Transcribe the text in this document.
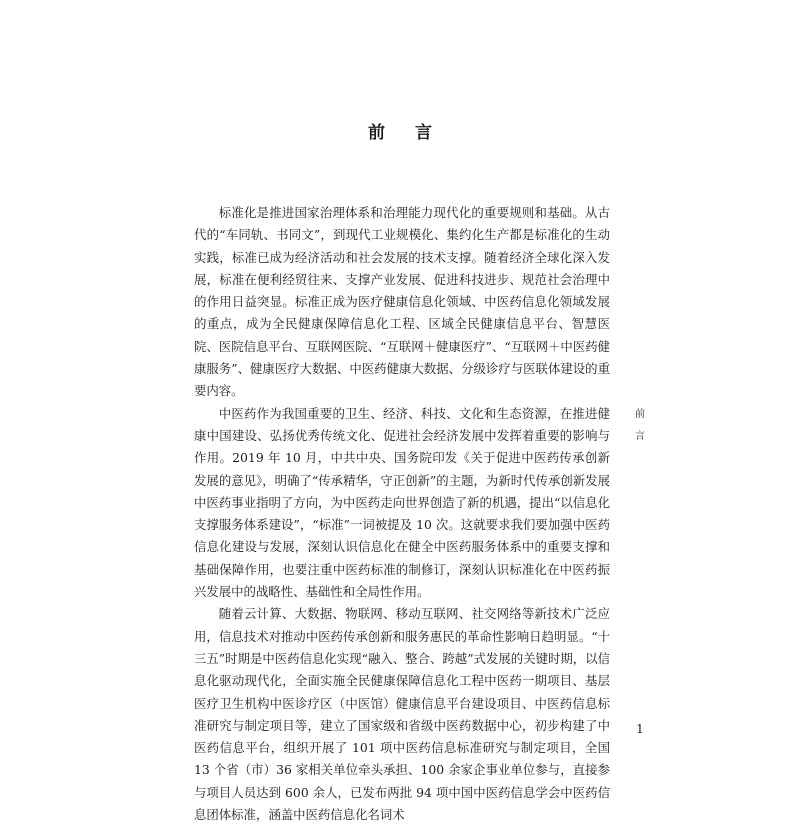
前 言

标准化是推进国家治理体系和治理能力现代化的重要规则和基础。从古代的“车同轨、书同文”，到现代工业规模化、集约化生产都是标准化的生动实践，标准已成为经济活动和社会发展的技术支撑。随着经济全球化深入发展，标准在便利经贸往来、支撑产业发展、促进科技进步、规范社会治理中的作用日益突显。标准正成为医疗健康信息化领域、中医药信息化领域发展的重点，成为全民健康保障信息化工程、区域全民健康信息平台、智慧医院、医院信息平台、互联网医院、“互联网＋健康医疗”、“互联网＋中医药健康服务”、健康医疗大数据、中医药健康大数据、分级诊疗与医联体建设的重要内容。

中医药作为我国重要的卫生、经济、科技、文化和生态资源，在推进健康中国建设、弘扬优秀传统文化、促进社会经济发展中发挥着重要的影响与作用。2019 年 10 月，中共中央、国务院印发《关于促进中医药传承创新发展的意见》，明确了“传承精华，守正创新”的主题，为新时代传承创新发展中医药事业指明了方向，为中医药走向世界创造了新的机遇，提出“以信息化支撑服务体系建设”，“标准”一词被提及 10 次。这就要求我们要加强中医药信息化建设与发展，深刻认识信息化在健全中医药服务体系中的重要支撑和基础保障作用，也要注重中医药标准的制修订，深刻认识标准化在中医药振兴发展中的战略性、基础性和全局性作用。

随着云计算、大数据、物联网、移动互联网、社交网络等新技术广泛应用，信息技术对推动中医药传承创新和服务惠民的革命性影响日趋明显。“十三五”时期是中医药信息化实现“融入、整合、跨越”式发展的关键时期，以信息化驱动现代化，全面实施全民健康保障信息化工程中医药一期项目、基层医疗卫生机构中医诊疗区（中医馆）健康信息平台建设项目、中医药信息标准研究与制定项目等，建立了国家级和省级中医药数据中心，初步构建了中医药信息平台，组织开展了 101 项中医药信息标准研究与制定项目，全国 13 个省（市）36 家相关单位牵头承担、100 余家企事业单位参与，直接参与项目人员达到 600 余人，已发布两批 94 项中国中医药信息学会中医药信息团体标准，涵盖中医药信息化名词术

前
言
1
